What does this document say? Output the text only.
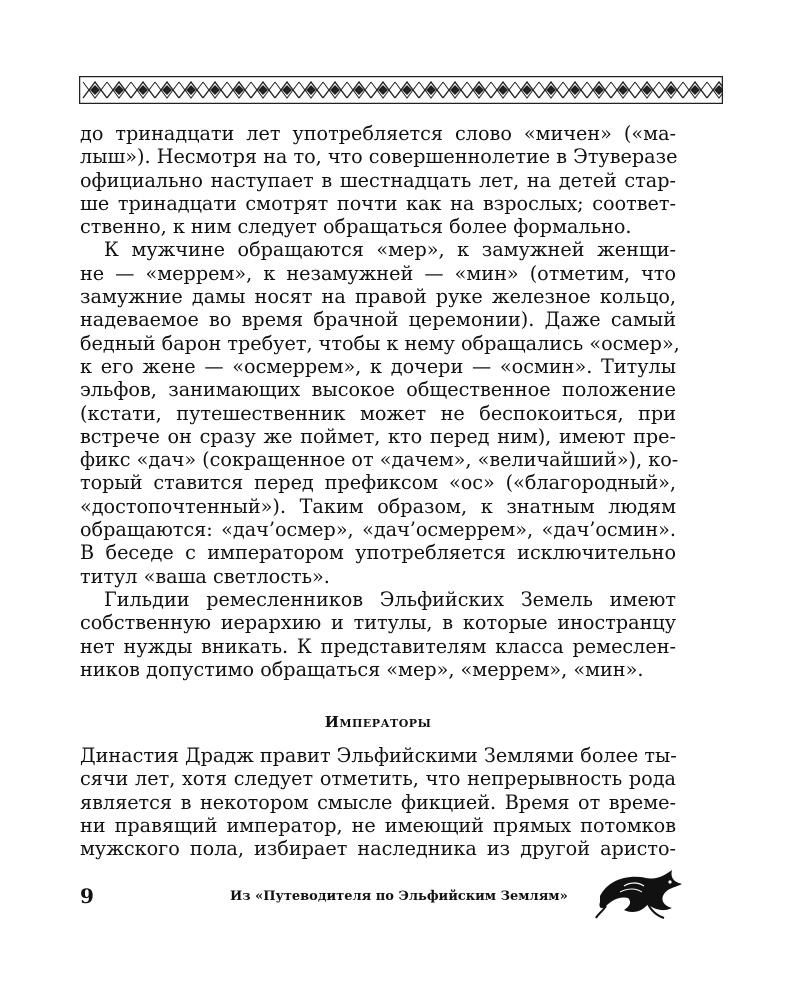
до тринадцати лет употребляется слово «мичен» («ма-
лыш»). Несмотря на то, что совершеннолетие в Этуверазе
официально наступает в шестнадцать лет, на детей стар-
ше тринадцати смотрят почти как на взрослых; соответ-
ственно, к ним следует обращаться более формально.

К мужчине обращаются «мер», к замужней женщи-
не — «меррем», к незамужней — «мин» (отметим, что
замужние дамы носят на правой руке железное кольцо,
надеваемое во время брачной церемонии). Даже самый
бедный барон требует, чтобы к нему обращались «осмер»,
к его жене — «осмеррем», к дочери — «осмин». Титулы
эльфов, занимающих высокое общественное положение
(кстати, путешественник может не беспокоиться, при
встрече он сразу же поймет, кто перед ним), имеют пре-
фикс «дач» (сокращенное от «дачем», «величайший»), ко-
торый ставится перед префиксом «ос» («благородный»,
«достопочтенный»). Таким образом, к знатным людям
обращаются: «дач’осмер», «дач’осмеррем», «дач’осмин».
В беседе с императором употребляется исключительно
титул «ваша светлость».

Гильдии ремесленников Эльфийских Земель имеют
собственную иерархию и титулы, в которые иностранцу
нет нужды вникать. К представителям класса ремеслен-
ников допустимо обращаться «мер», «меррем», «мин».

Императоры
Династия Драдж правит Эльфийскими Землями более ты-
сячи лет, хотя следует отметить, что непрерывность рода
является в некотором смысле фикцией. Время от време-
ни правящий император, не имеющий прямых потомков
мужского пола, избирает наследника из другой аристо-
9	Из «Путеводителя по Эльфийским Землям»
